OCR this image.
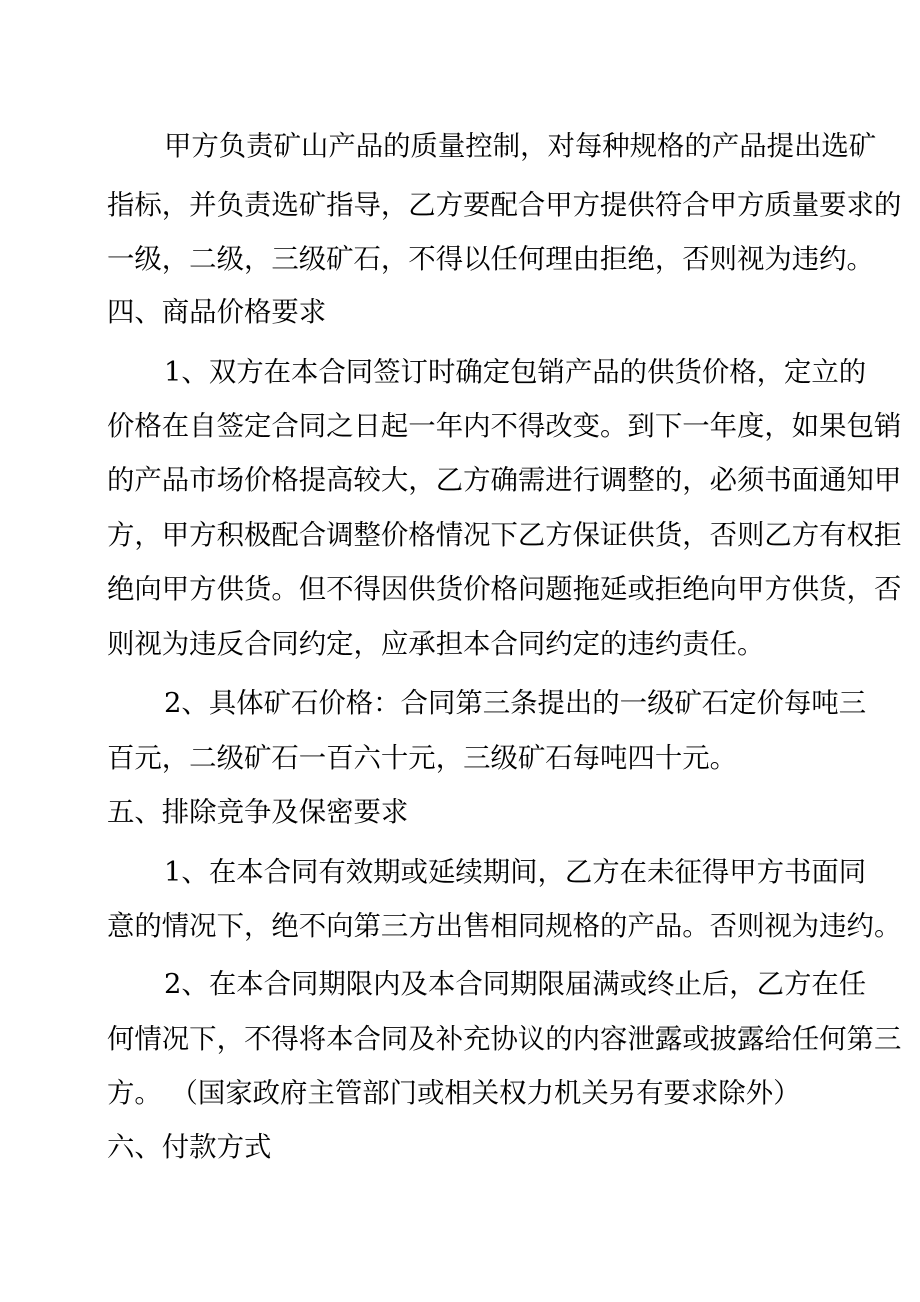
甲方负责矿山产品的质量控制，对每种规格的产品提出选矿
指标，并负责选矿指导，乙方要配合甲方提供符合甲方质量要求的
一级，二级，三级矿石，不得以任何理由拒绝，否则视为违约。
四、商品价格要求
1、双方在本合同签订时确定包销产品的供货价格，定立的
价格在自签定合同之日起一年内不得改变。到下一年度，如果包销
的产品市场价格提高较大，乙方确需进行调整的，必须书面通知甲
方，甲方积极配合调整价格情况下乙方保证供货，否则乙方有权拒
绝向甲方供货。但不得因供货价格问题拖延或拒绝向甲方供货，否
则视为违反合同约定，应承担本合同约定的违约责任。
2、具体矿石价格：合同第三条提出的一级矿石定价每吨三
百元，二级矿石一百六十元，三级矿石每吨四十元。
五、排除竞争及保密要求
1、在本合同有效期或延续期间，乙方在未征得甲方书面同
意的情况下，绝不向第三方出售相同规格的产品。否则视为违约。
2、在本合同期限内及本合同期限届满或终止后，乙方在任
何情况下，不得将本合同及补充协议的内容泄露或披露给任何第三
方。 （国家政府主管部门或相关权力机关另有要求除外）
六、付款方式
